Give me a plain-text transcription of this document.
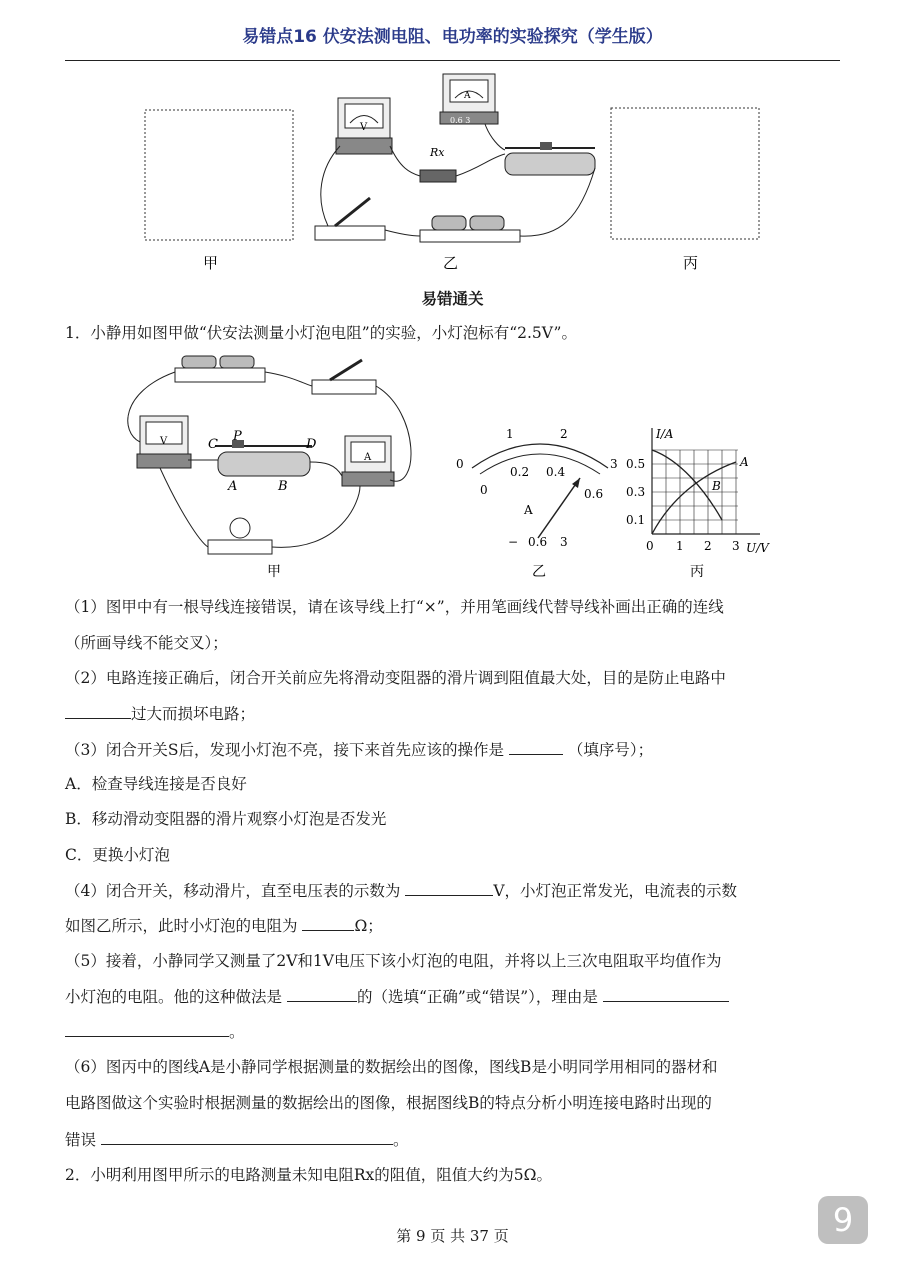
易错点16 伏安法测电阻、电功率的实验探究（学生版）
V
A
0.6 3
Rx
甲	乙	丙
易错通关
1．小静用如图甲做“伏安法测量小灯泡电阻”的实验，小灯泡标有“2.5V”。
V	C
P
D
A	B
A
甲
0
1	2
3
0
0.2 0.4
0.6
A
− 0.6 3
乙
I/A
U/V
0.5
0.3
0.1
0 1 2 3
A
B
丙
（1）图甲中有一根导线连接错误，请在该导线上打“×”，并用笔画线代替导线补画出正确的连线
（所画导线不能交叉）；
（2）电路连接正确后，闭合开关前应先将滑动变阻器的滑片调到阻值最大处，目的是防止电路中
过大而损坏电路；
（3）闭合开关S后，发现小灯泡不亮，接下来首先应该的操作是	（填序号）；
A．检查导线连接是否良好
B．移动滑动变阻器的滑片观察小灯泡是否发光
C．更换小灯泡
（4）闭合开关，移动滑片，直至电压表的示数为	V，小灯泡正常发光，电流表的示数
如图乙所示，此时小灯泡的电阻为	Ω；
（5）接着，小静同学又测量了2V和1V电压下该小灯泡的电阻，并将以上三次电阻取平均值作为
小灯泡的电阻。他的这种做法是	的（选填“正确”或“错误”），理由是
。
（6）图丙中的图线A是小静同学根据测量的数据绘出的图像，图线B是小明同学用相同的器材和
电路图做这个实验时根据测量的数据绘出的图像，根据图线B的特点分析小明连接电路时出现的
错误	。
2．小明利用图甲所示的电路测量未知电阻Rx的阻值，阻值大约为5Ω。
9
第 9 页 共 37 页
